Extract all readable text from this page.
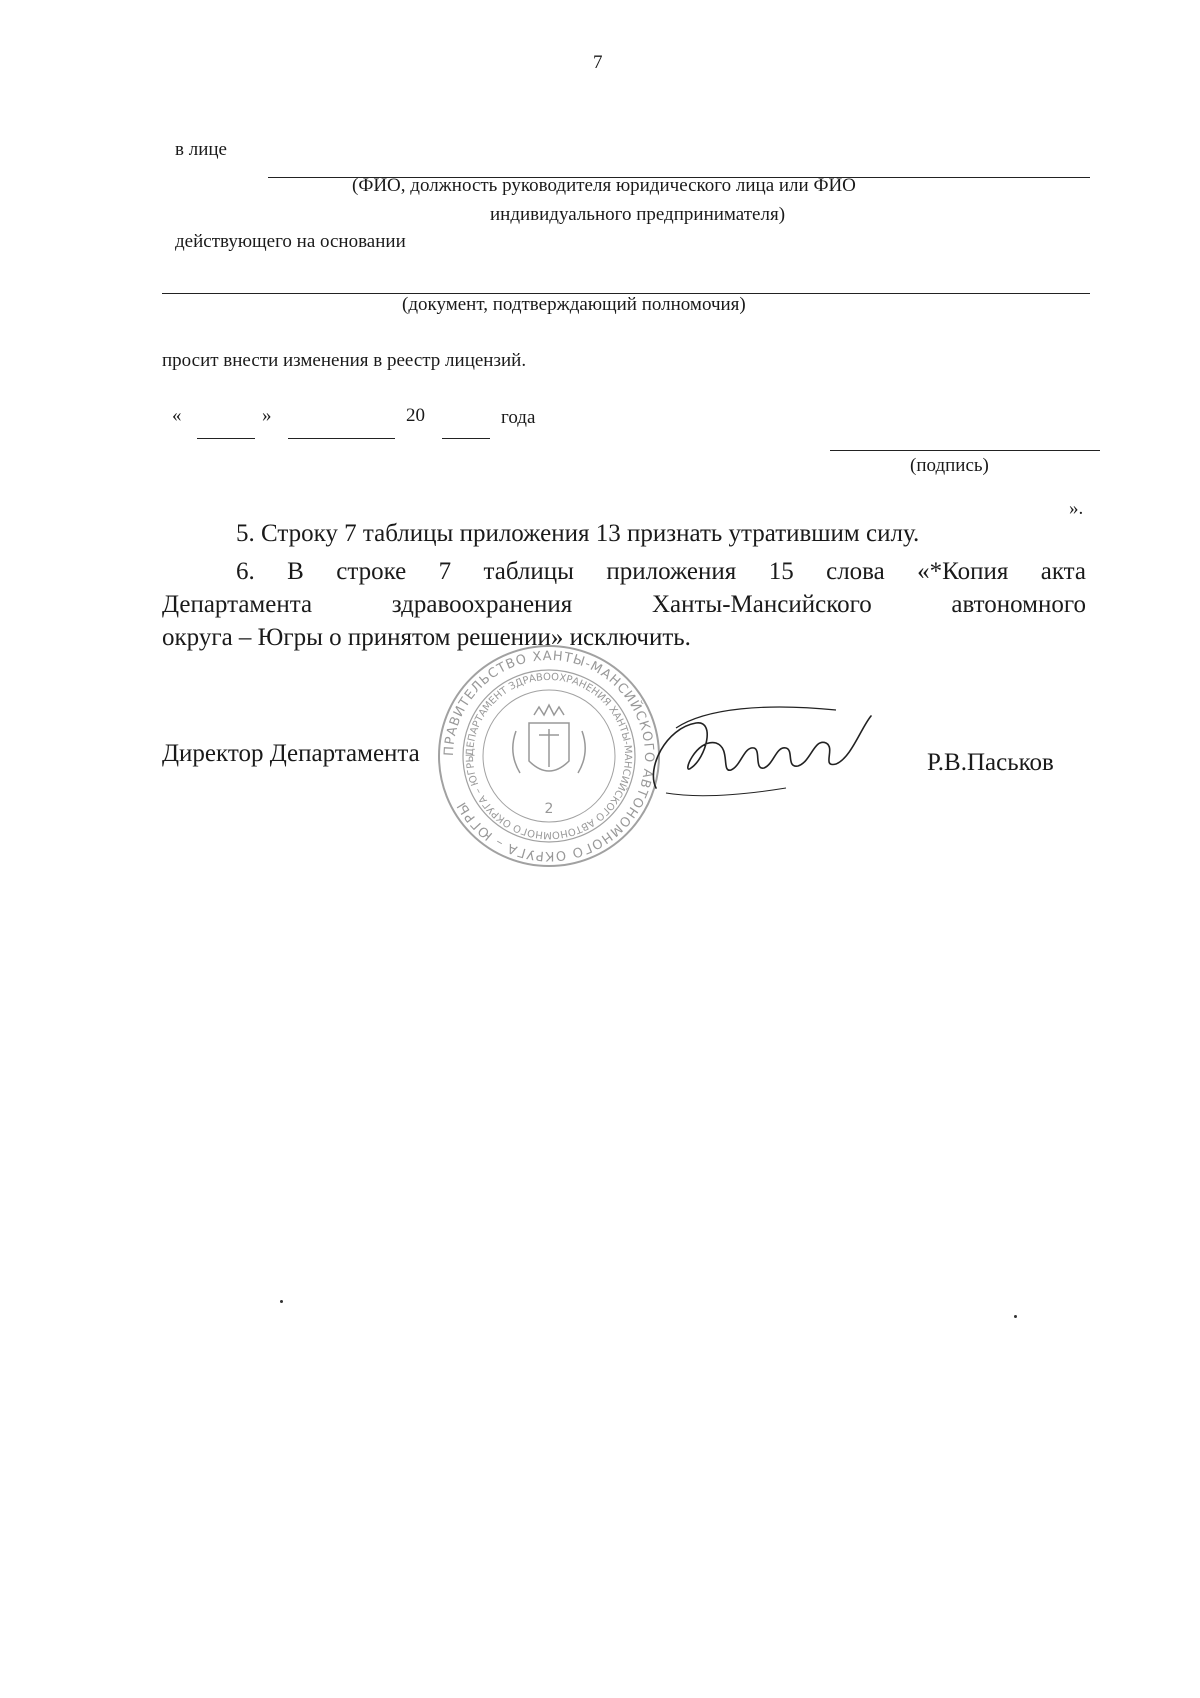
7
в лице
(ФИО, должность руководителя юридического лица или ФИО
индивидуального предпринимателя)
действующего на основании
(документ, подтверждающий полномочия)
просит внести изменения в реестр лицензий.
«	»	20	года
(подпись)
».
5. Строку 7 таблицы приложения 13 признать утратившим силу.
6. В строке 7 таблицы приложения 15 слова «*Копия акта
Департамента здравоохранения Ханты-Мансийского автономного
округа – Югры о принятом решении» исключить.
ПРАВИТЕЛЬСТВО ХАНТЫ-МАНСИЙСКОГО АВТОНОМНОГО ОКРУГА – ЮГРЫ
ДЕПАРТАМЕНТ ЗДРАВООХРАНЕНИЯ ХАНТЫ-МАНСИЙСКОГО АВТОНОМНОГО ОКРУГА – ЮГРЫ
2
Директор Департамента	Р.В.Паськов
